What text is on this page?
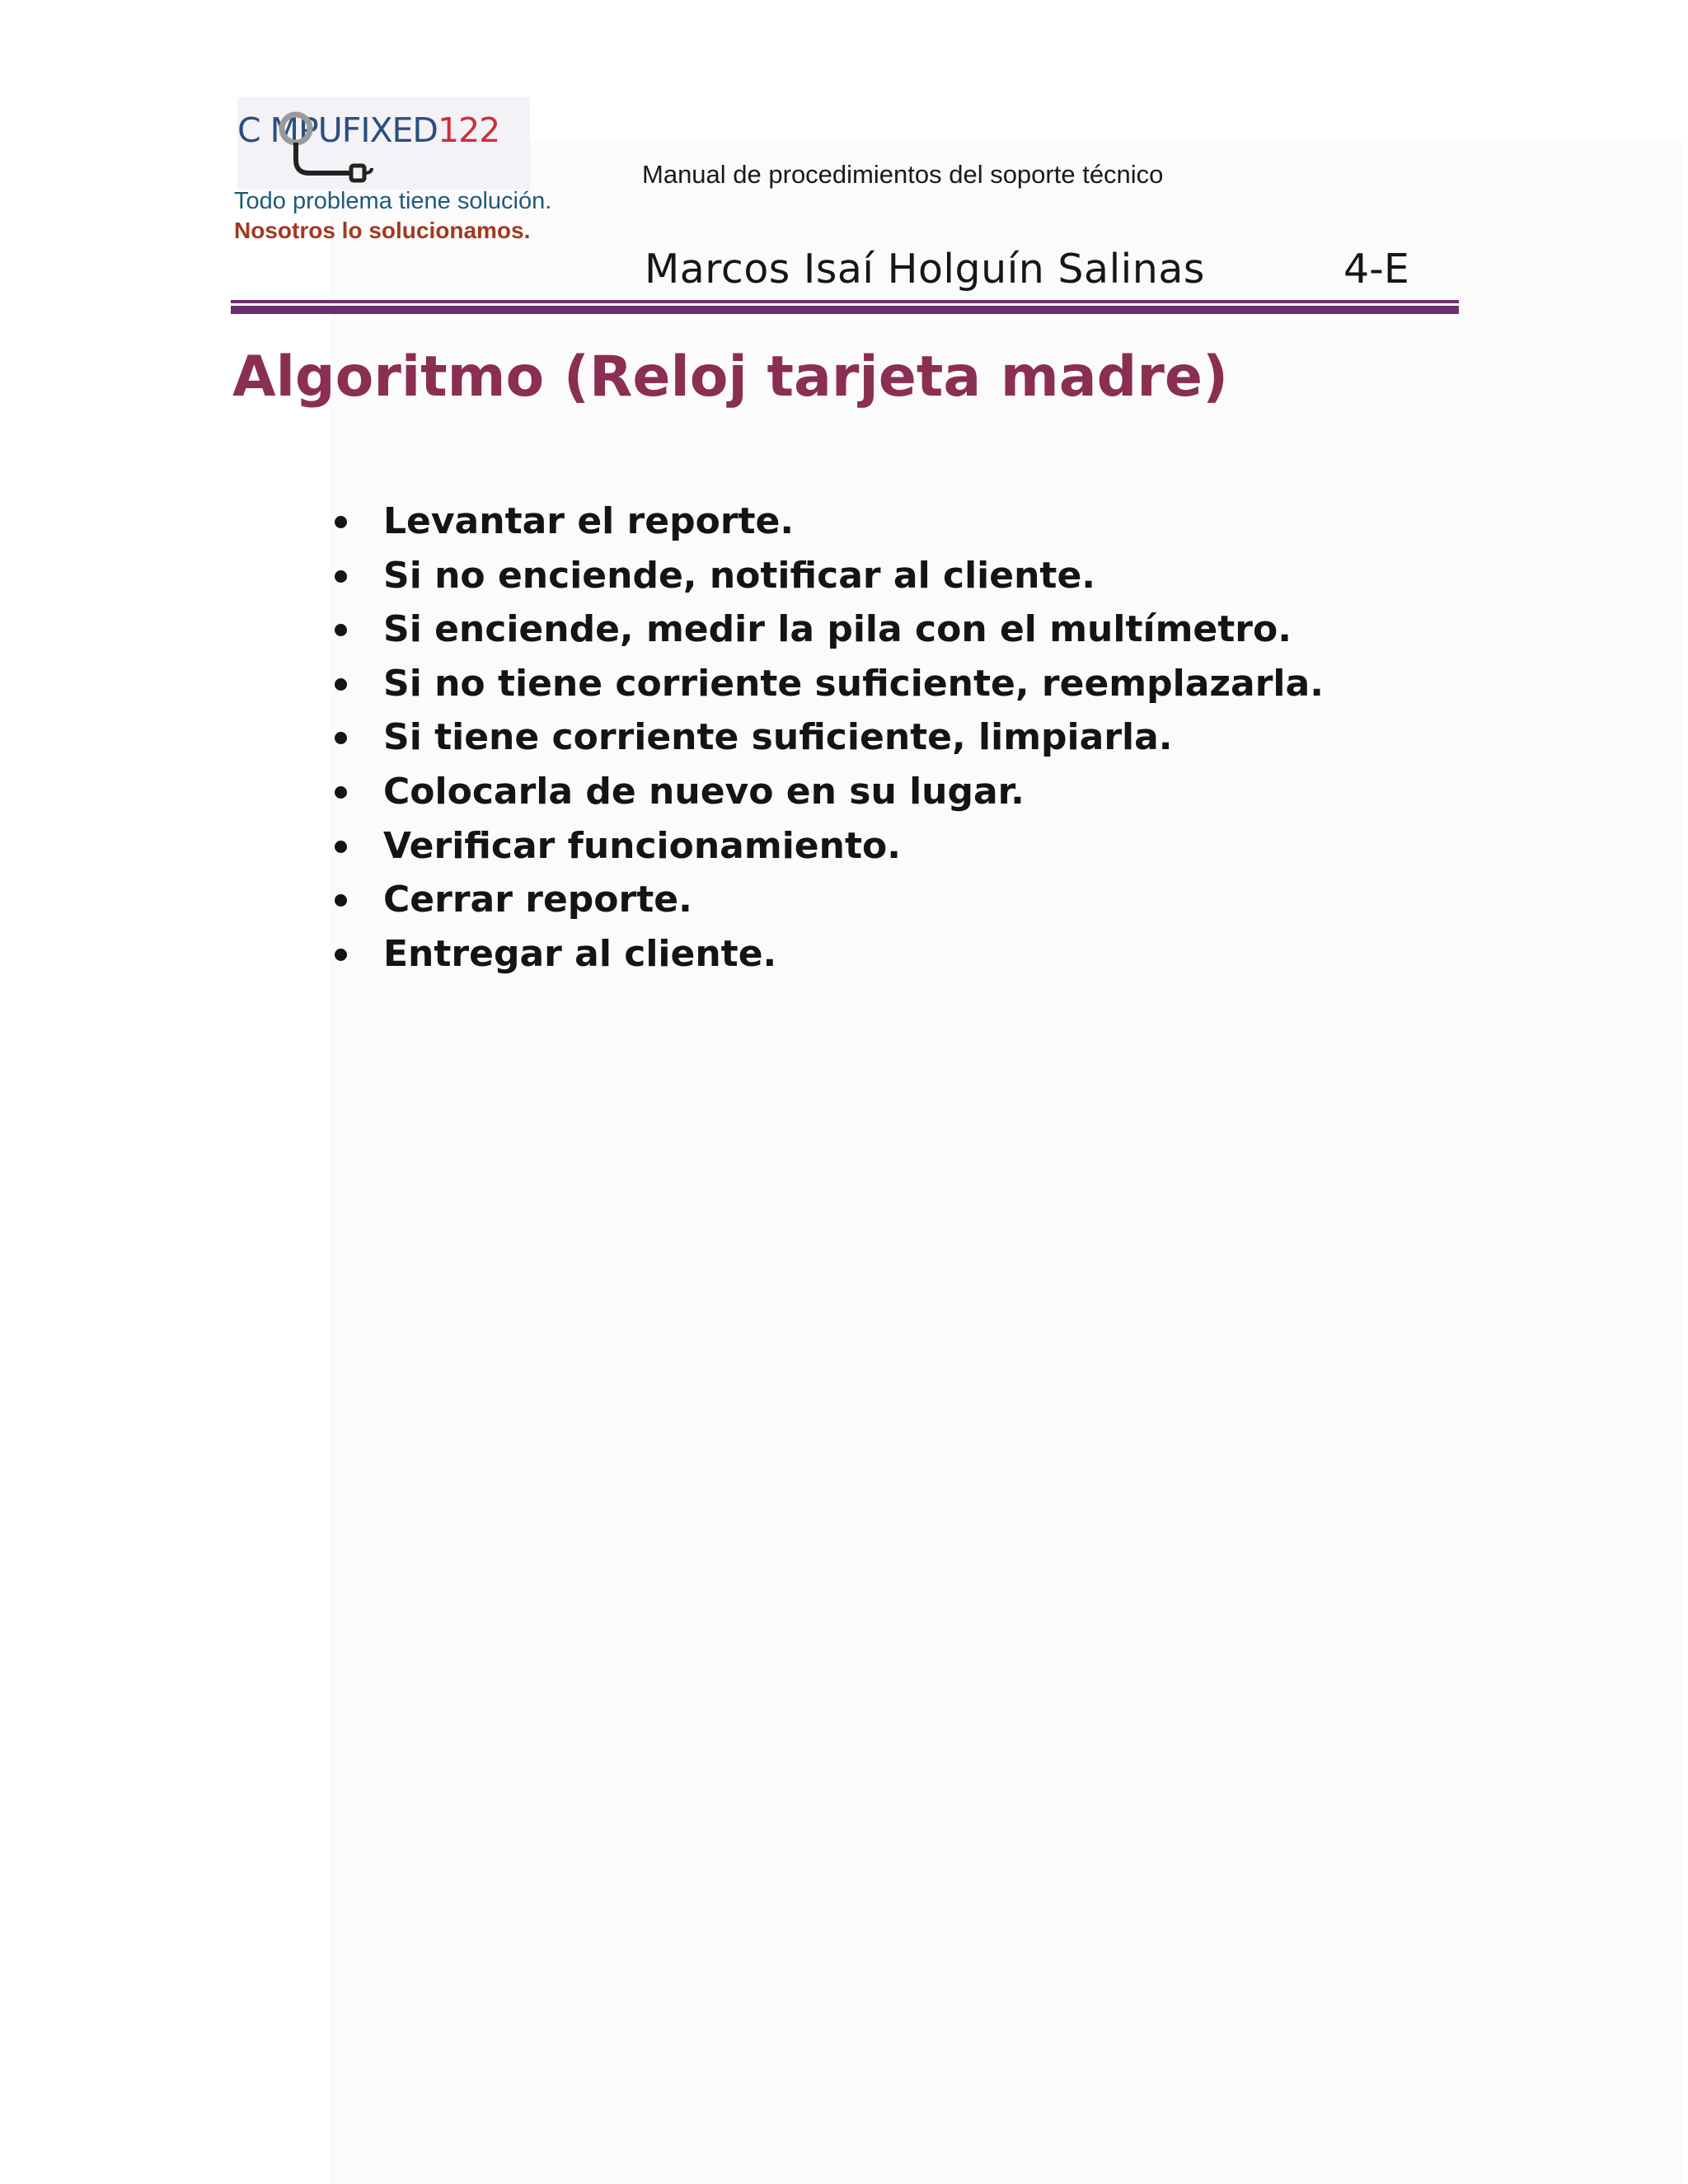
C MPUFIXED122
Todo problema tiene solución.
Nosotros lo solucionamos.
Manual de procedimientos del soporte técnico
Marcos Isaí Holguín Salinas	4-E
Algoritmo (Reloj tarjeta madre)
Levantar el reporte.
Si no enciende, notificar al cliente.
Si enciende, medir la pila con el multímetro.
Si no tiene corriente suficiente, reemplazarla.
Si tiene corriente suficiente, limpiarla.
Colocarla de nuevo en su lugar.
Verificar funcionamiento.
Cerrar reporte.
Entregar al cliente.
